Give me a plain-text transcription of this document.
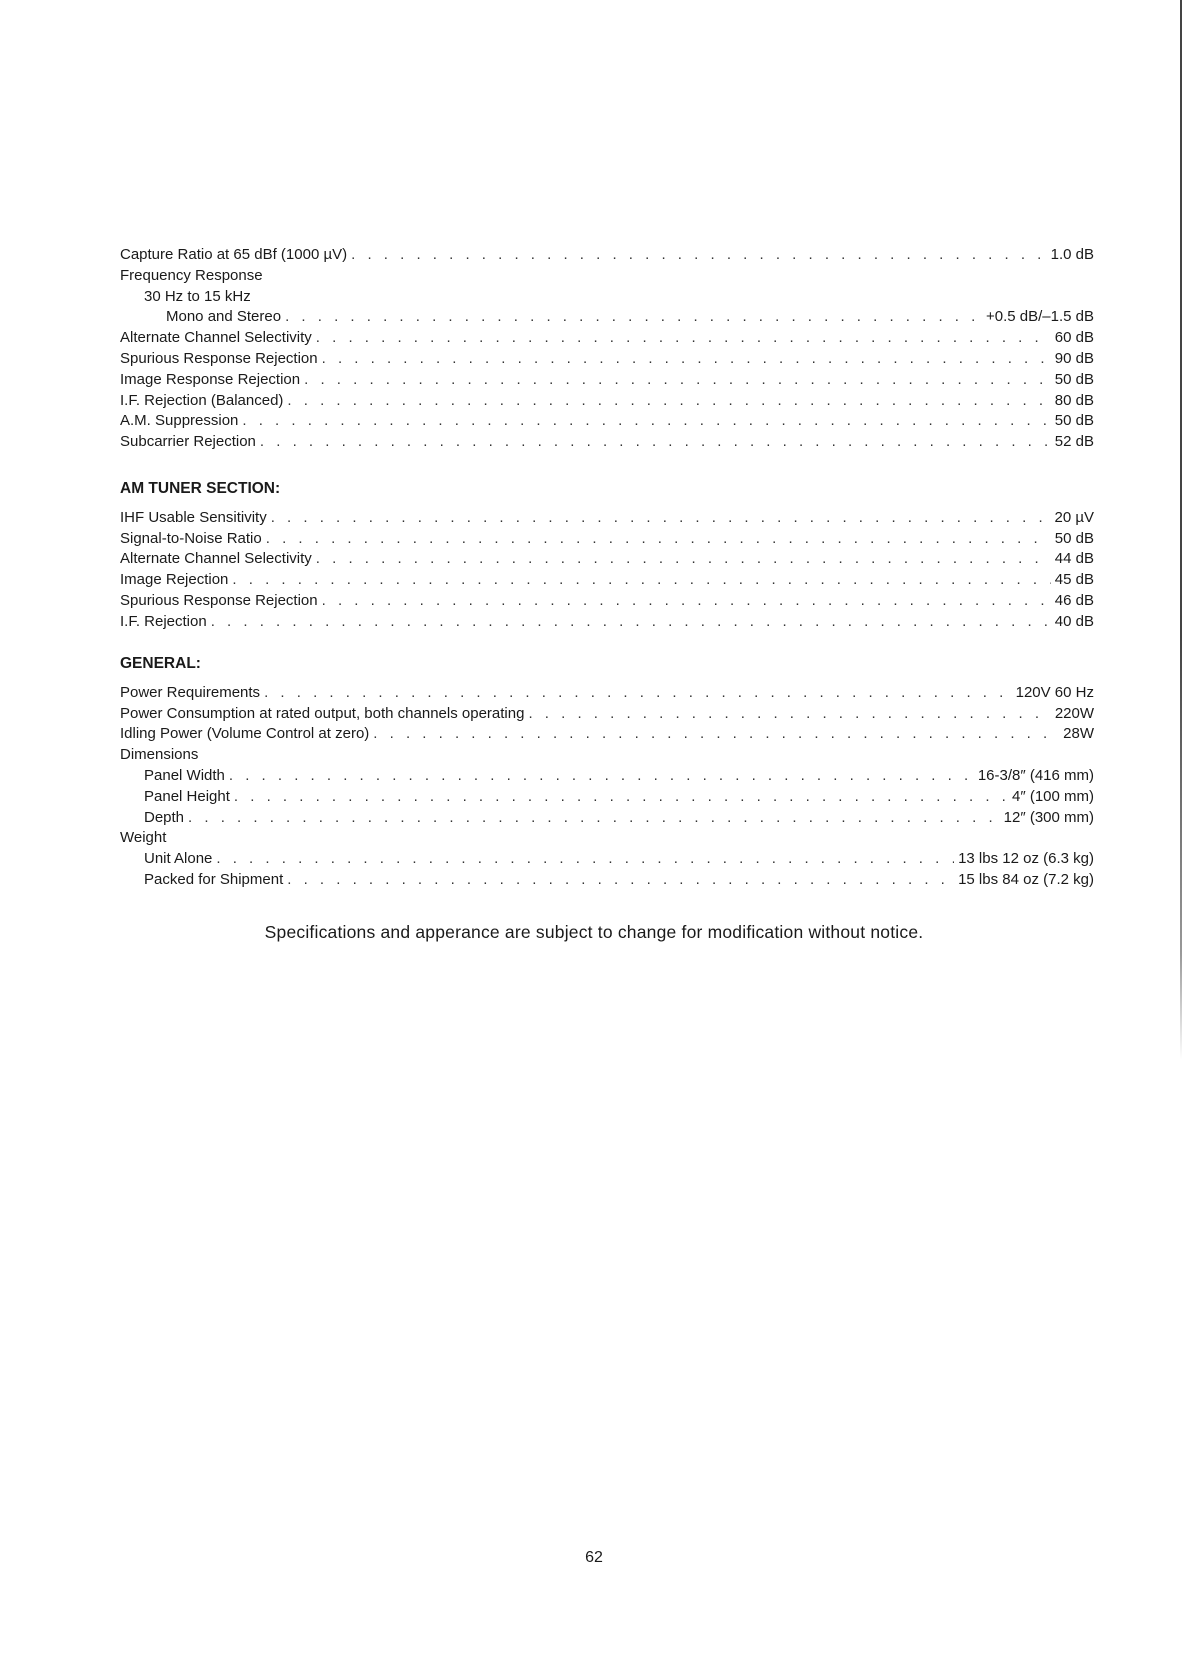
Capture Ratio at 65 dBf (1000 µV) . . .	1.0 dB
Frequency Response
30 Hz to 15 kHz
Mono and Stereo . . .	+0.5 dB/–1.5 dB
Alternate Channel Selectivity . . .	60 dB
Spurious Response Rejection . . .	90 dB
Image Response Rejection . . .	50 dB
I.F. Rejection (Balanced) . . .	80 dB
A.M. Suppression . . .	50 dB
Subcarrier Rejection . . .	52 dB
AM TUNER SECTION:
IHF Usable Sensitivity . . .	20 µV
Signal-to-Noise Ratio . . .	50 dB
Alternate Channel Selectivity . . .	44 dB
Image Rejection . . .	45 dB
Spurious Response Rejection . . .	46 dB
I.F. Rejection . . .	40 dB
GENERAL:
Power Requirements . . .	120V 60 Hz
Power Consumption at rated output, both channels operating . . .	220W
Idling Power (Volume Control at zero) . . .	28W
Dimensions
Panel Width . . .	16-3/8″ (416 mm)
Panel Height . . .	4″ (100 mm)
Depth . . .	12″ (300 mm)
Weight
Unit Alone . . .	13 lbs 12 oz (6.3 kg)
Packed for Shipment . . .	15 lbs 84 oz (7.2 kg)
Specifications and apperance are subject to change for modification without notice.
62
